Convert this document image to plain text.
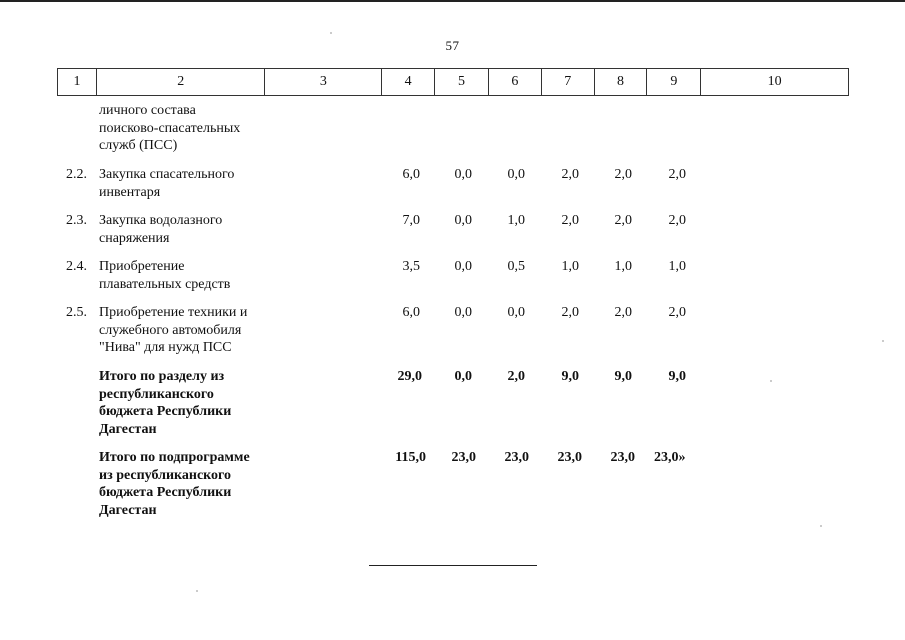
57
1	2	3	4	5	6	7	8	9	10
личного состава
поисково-спасательных
служб (ПСС)
2.2. Закупка спасательного
инвентаря
6,0	0,0	0,0	2,0	2,0	2,0
2.3. Закупка водолазного
снаряжения
7,0	0,0	1,0	2,0	2,0	2,0
2.4. Приобретение
плавательных средств
3,5	0,0	0,5	1,0	1,0	1,0
2.5. Приобретение техники и
служебного автомобиля
"Нива" для нужд ПСС
6,0	0,0	0,0	2,0	2,0	2,0
Итого по разделу из
республиканского
бюджета Республики
Дагестан
29,0	0,0	2,0	9,0	9,0	9,0
Итого по подпрограмме
из республиканского
бюджета Республики
Дагестан
115,0	23,0	23,0	23,0	23,0 23,0»
